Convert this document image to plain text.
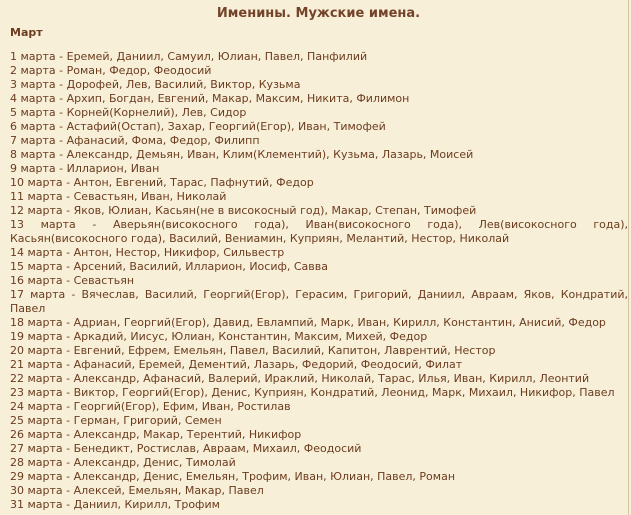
Именины. Мужские имена.
Март
1 марта - Еремей, Даниил, Самуил, Юлиан, Павел, Панфилий
2 марта - Роман, Федор, Феодосий
3 марта - Дорофей, Лев, Василий, Виктор, Кузьма
4 марта - Архип, Богдан, Евгений, Макар, Максим, Никита, Филимон
5 марта - Корней(Корнелий), Лев, Сидор
6 марта - Астафий(Остап), Захар, Георгий(Егор), Иван, Тимофей
7 марта - Афанасий, Фома, Федор, Филипп
8 марта - Александр, Демьян, Иван, Клим(Клементий), Кузьма, Лазарь, Моисей
9 марта - Илларион, Иван
10 марта - Антон, Евгений, Тарас, Пафнутий, Федор
11 марта - Севастьян, Иван, Николай
12 марта - Яков, Юлиан, Касьян(не в високосный год), Макар, Степан, Тимофей
13 марта - Аверьян(високосного года), Иван(високосного года), Лев(високосного года), Касьян(високосного года), Василий, Вениамин, Куприян, Мелантий, Нестор, Николай
14 марта - Антон, Нестор, Никифор, Сильвестр
15 марта - Арсений, Василий, Илларион, Иосиф, Савва
16 марта - Севастьян
17 марта - Вячеслав, Василий, Георгий(Егор), Герасим, Григорий, Даниил, Авраам, Яков, Кондратий, Павел
18 марта - Адриан, Георгий(Егор), Давид, Евлампий, Марк, Иван, Кирилл, Константин, Анисий, Федор
19 марта - Аркадий, Иисус, Юлиан, Константин, Максим, Михей, Федор
20 марта - Евгений, Ефрем, Емельян, Павел, Василий, Капитон, Лаврентий, Нестор
21 марта - Афанасий, Еремей, Дементий, Лазарь, Федорий, Феодосий, Филат
22 марта - Александр, Афанасий, Валерий, Ираклий, Николай, Тарас, Илья, Иван, Кирилл, Леонтий
23 марта - Виктор, Георгий(Егор), Денис, Куприян, Кондратий, Леонид, Марк, Михаил, Никифор, Павел
24 марта - Георгий(Егор), Ефим, Иван, Ростилав
25 марта - Герман, Григорий, Семен
26 марта - Александр, Макар, Терентий, Никифор
27 марта - Бенедикт, Ростислав, Авраам, Михаил, Феодосий
28 марта - Александр, Денис, Тимолай
29 марта - Александр, Денис, Емельян, Трофим, Иван, Юлиан, Павел, Роман
30 марта - Алексей, Емельян, Макар, Павел
31 марта - Даниил, Кирилл, Трофим
